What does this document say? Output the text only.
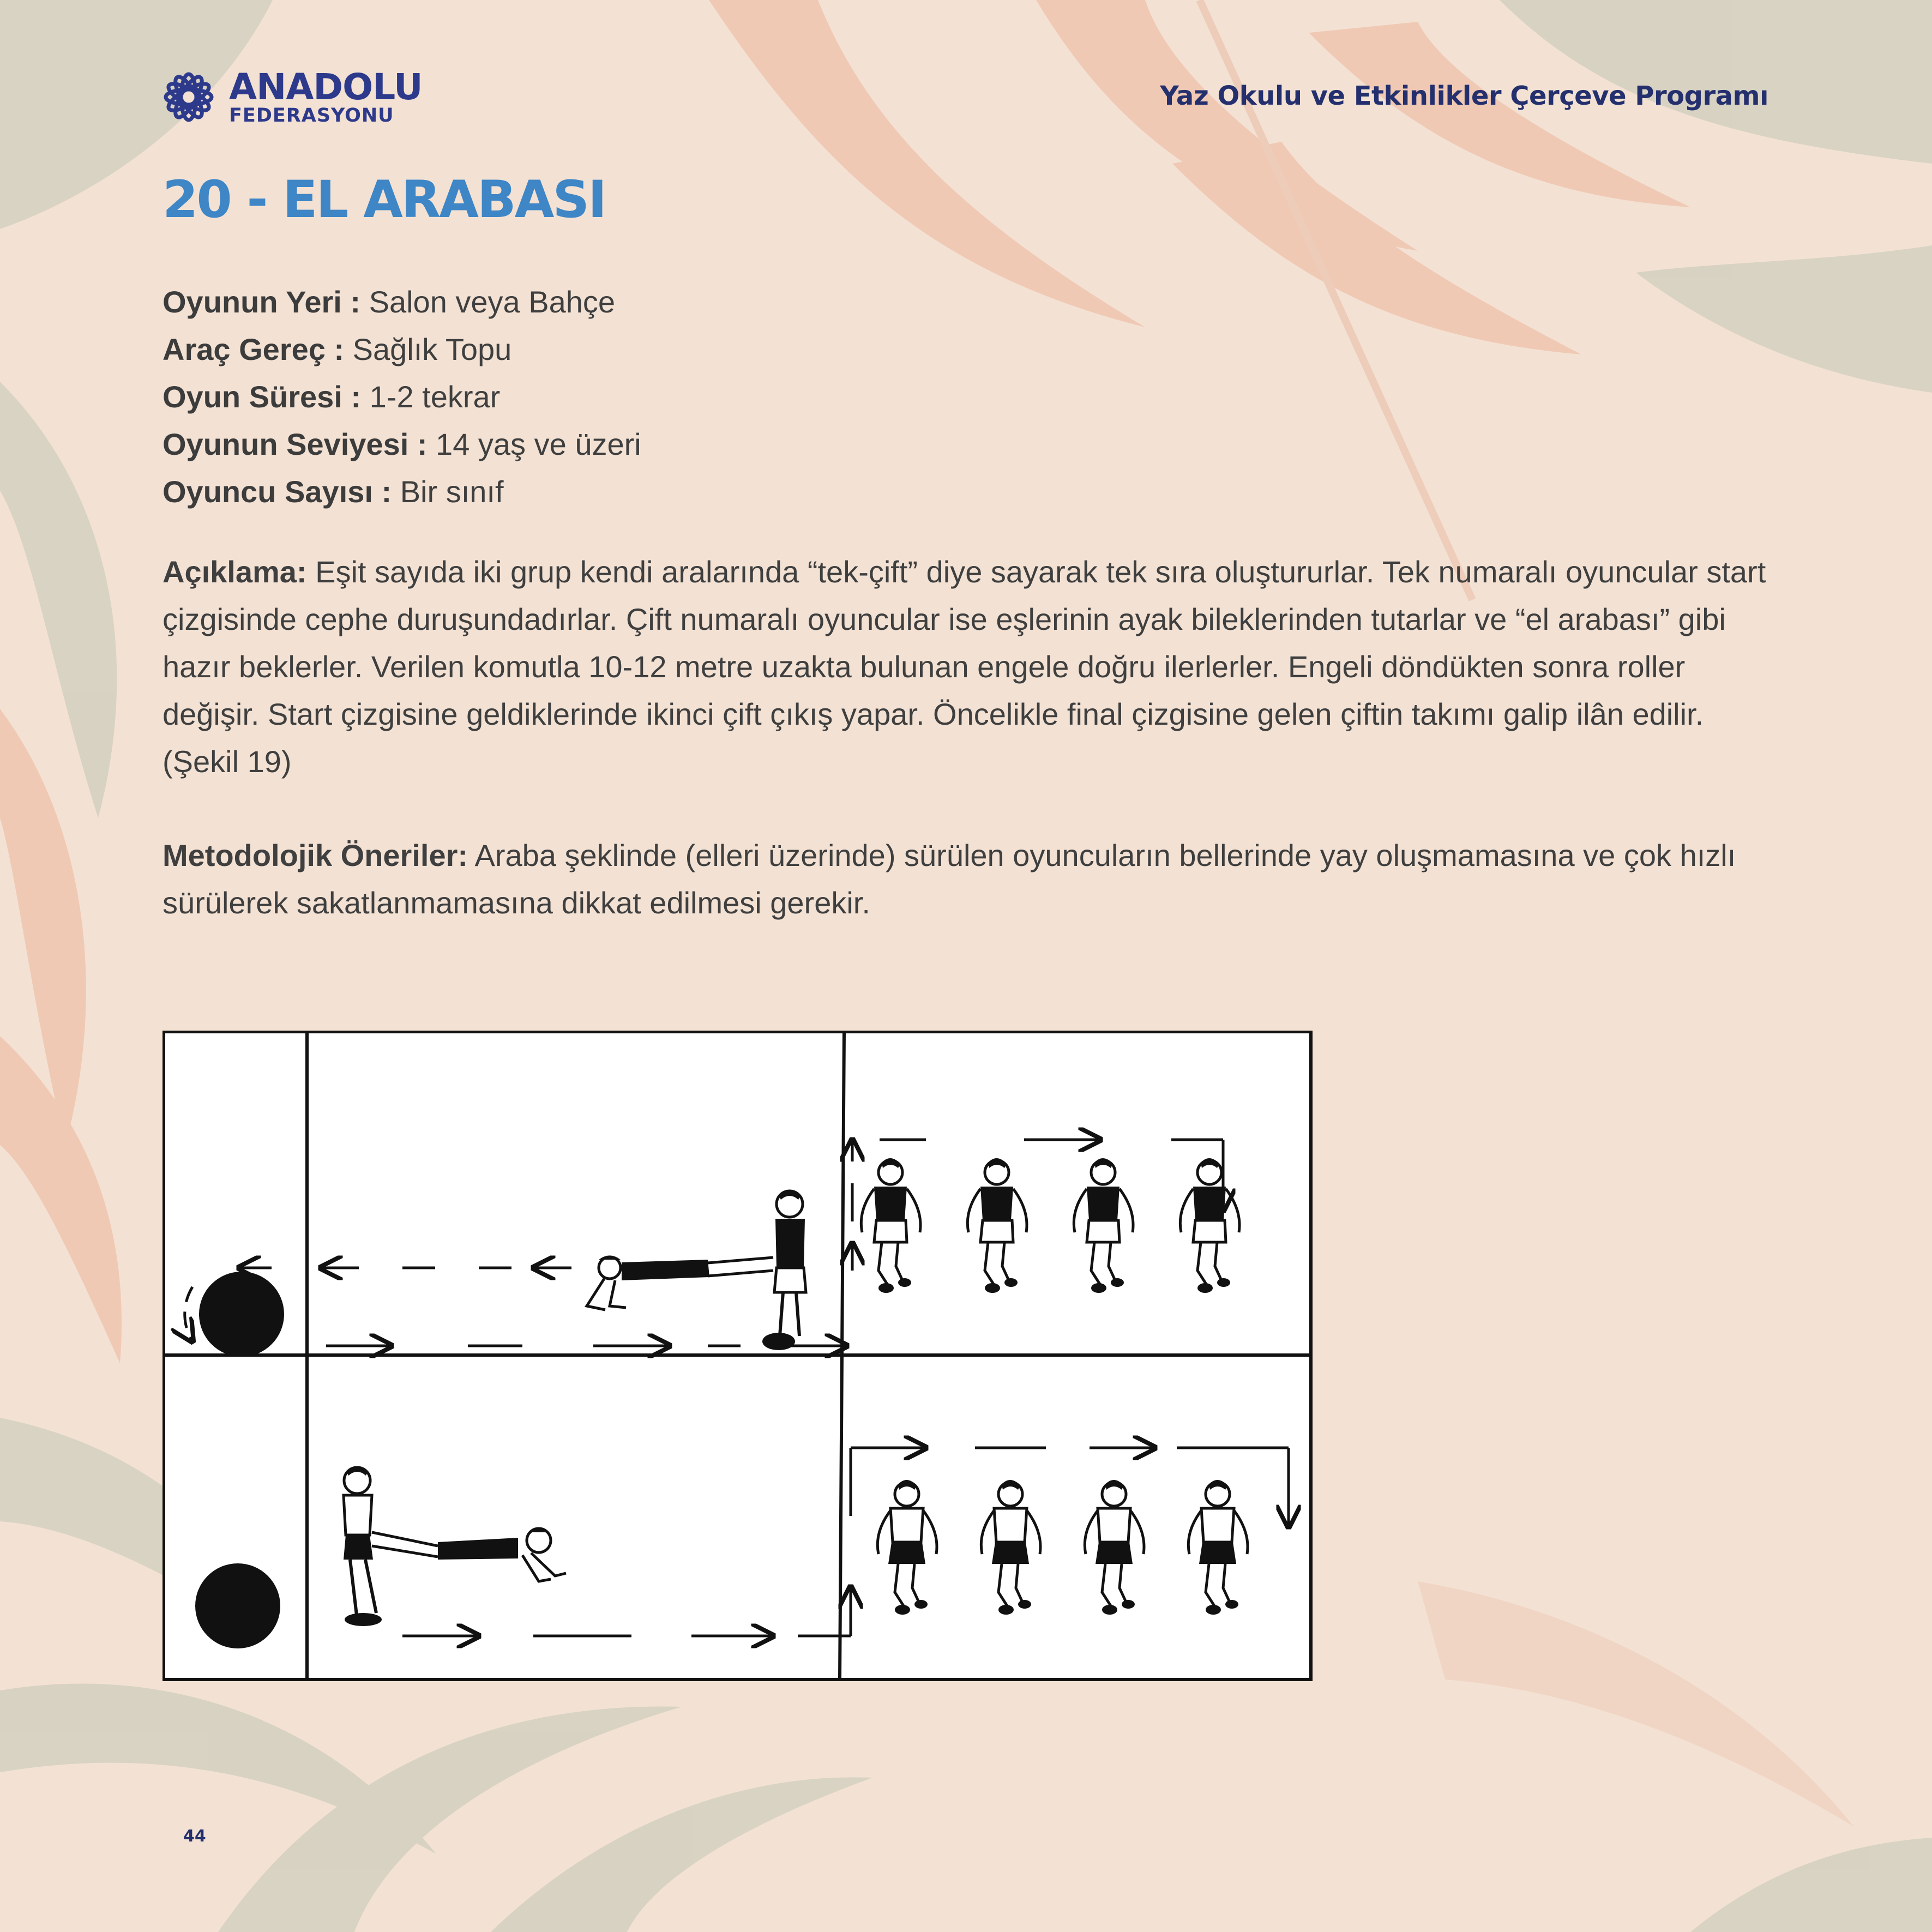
ANADOLU
FEDERASYONU
Yaz Okulu ve Etkinlikler Çerçeve Programı
20 - EL ARABASI
Oyunun Yeri : Salon veya Bahçe
Araç Gereç : Sağlık Topu
Oyun Süresi : 1-2 tekrar
Oyunun Seviyesi : 14 yaş ve üzeri
Oyuncu Sayısı : Bir sınıf

Açıklama: Eşit sayıda iki grup kendi aralarında “tek-çift” diye sayarak tek sıra oluştururlar. Tek numaralı oyuncular start çizgisinde cephe duruşundadırlar. Çift numaralı oyuncular ise eşlerinin ayak bileklerinden tutarlar ve “el arabası” gibi hazır beklerler. Verilen komutla 10-12 metre uzakta bulunan engele doğru ilerlerler. Engeli döndükten sonra roller değişir. Start çizgisine geldiklerinde ikinci çift çıkış yapar. Öncelikle final çizgisine gelen çiftin takımı galip ilân edilir. (Şekil 19)

Metodolojik Öneriler: Araba şeklinde (elleri üzerinde) sürülen oyuncuların bellerinde yay oluşmamasına ve çok hızlı sürülerek sakatlanmamasına dikkat edilmesi gerekir.

44
